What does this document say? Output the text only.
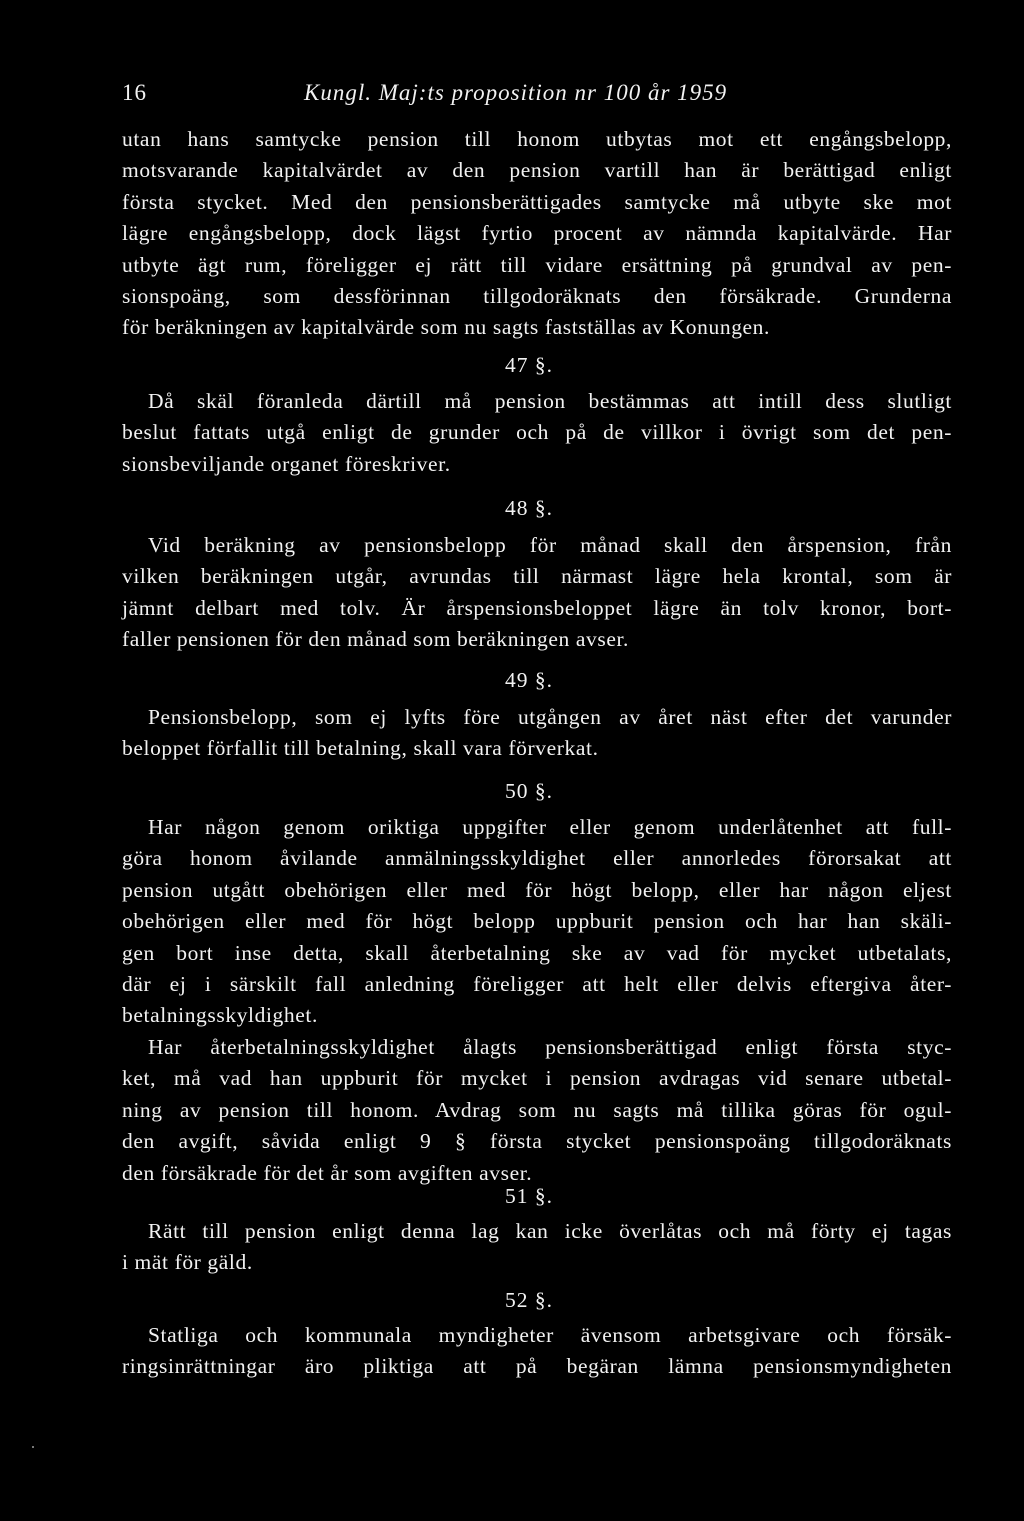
16	Kungl. Maj:ts proposition nr 100 år 1959
utan hans samtycke pension till honom utbytas mot ett engångsbelopp,
motsvarande kapitalvärdet av den pension vartill han är berättigad enligt
första stycket. Med den pensionsberättigades samtycke må utbyte ske mot
lägre engångsbelopp, dock lägst fyrtio procent av nämnda kapitalvärde. Har
utbyte ägt rum, föreligger ej rätt till vidare ersättning på grundval av pen-
sionspoäng, som dessförinnan tillgodoräknats den försäkrade. Grunderna
för beräkningen av kapitalvärde som nu sagts fastställas av Konungen.
47 §.
Då skäl föranleda därtill må pension bestämmas att intill dess slutligt
beslut fattats utgå enligt de grunder och på de villkor i övrigt som det pen-
sionsbeviljande organet föreskriver.
48 §.
Vid beräkning av pensionsbelopp för månad skall den årspension, från
vilken beräkningen utgår, avrundas till närmast lägre hela krontal, som är
jämnt delbart med tolv. Är årspensionsbeloppet lägre än tolv kronor, bort-
faller pensionen för den månad som beräkningen avser.
49 §.
Pensionsbelopp, som ej lyfts före utgången av året näst efter det varunder
beloppet förfallit till betalning, skall vara förverkat.
50 §.
Har någon genom oriktiga uppgifter eller genom underlåtenhet att full-
göra honom åvilande anmälningsskyldighet eller annorledes förorsakat att
pension utgått obehörigen eller med för högt belopp, eller har någon eljest
obehörigen eller med för högt belopp uppburit pension och har han skäli-
gen bort inse detta, skall återbetalning ske av vad för mycket utbetalats,
där ej i särskilt fall anledning föreligger att helt eller delvis eftergiva åter-
betalningsskyldighet.
Har återbetalningsskyldighet ålagts pensionsberättigad enligt första styc-
ket, må vad han uppburit för mycket i pension avdragas vid senare utbetal-
ning av pension till honom. Avdrag som nu sagts må tillika göras för ogul-
den avgift, såvida enligt 9 § första stycket pensionspoäng tillgodoräknats
den försäkrade för det år som avgiften avser.
51 §.
Rätt till pension enligt denna lag kan icke överlåtas och må förty ej tagas
i mät för gäld.
52 §.
Statliga och kommunala myndigheter ävensom arbetsgivare och försäk-
ringsinrättningar äro pliktiga att på begäran lämna pensionsmyndigheten
